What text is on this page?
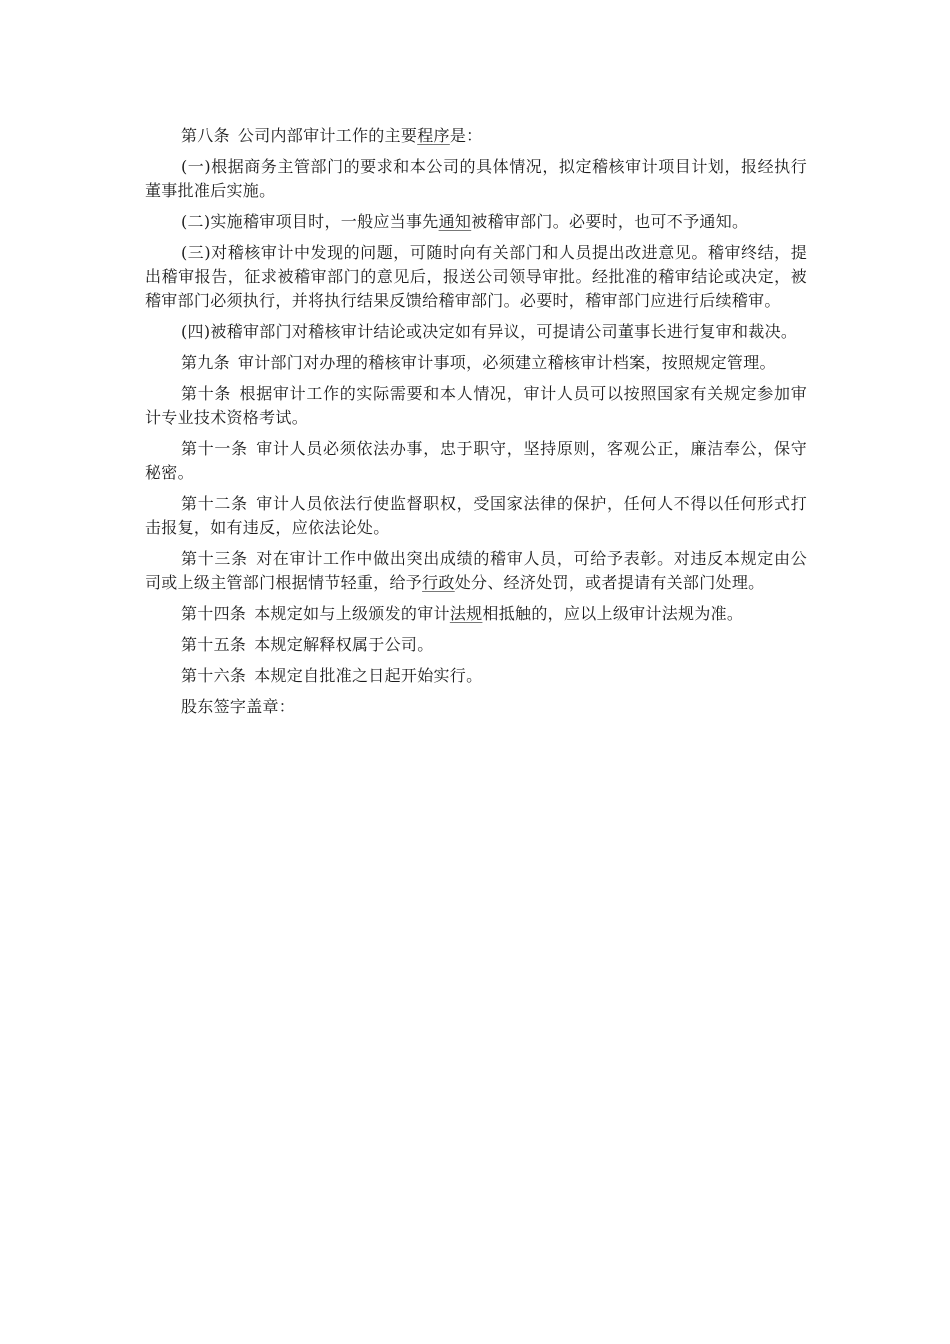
第八条 公司内部审计工作的主要程序是：

(一)根据商务主管部门的要求和本公司的具体情况，拟定稽核审计项目计划，报经执行董事批准后实施。

(二)实施稽审项目时，一般应当事先通知被稽审部门。必要时，也可不予通知。

(三)对稽核审计中发现的问题，可随时向有关部门和人员提出改进意见。稽审终结，提出稽审报告，征求被稽审部门的意见后，报送公司领导审批。经批准的稽审结论或决定，被稽审部门必须执行，并将执行结果反馈给稽审部门。必要时，稽审部门应进行后续稽审。

(四)被稽审部门对稽核审计结论或决定如有异议，可提请公司董事长进行复审和裁决。

第九条 审计部门对办理的稽核审计事项，必须建立稽核审计档案，按照规定管理。

第十条 根据审计工作的实际需要和本人情况，审计人员可以按照国家有关规定参加审计专业技术资格考试。

第十一条 审计人员必须依法办事，忠于职守，坚持原则，客观公正，廉洁奉公，保守秘密。

第十二条 审计人员依法行使监督职权，受国家法律的保护，任何人不得以任何形式打击报复，如有违反，应依法论处。

第十三条 对在审计工作中做出突出成绩的稽审人员，可给予表彰。对违反本规定由公司或上级主管部门根据情节轻重，给予行政处分、经济处罚，或者提请有关部门处理。

第十四条 本规定如与上级颁发的审计法规相抵触的，应以上级审计法规为准。

第十五条 本规定解释权属于公司。

第十六条 本规定自批准之日起开始实行。

股东签字盖章：
